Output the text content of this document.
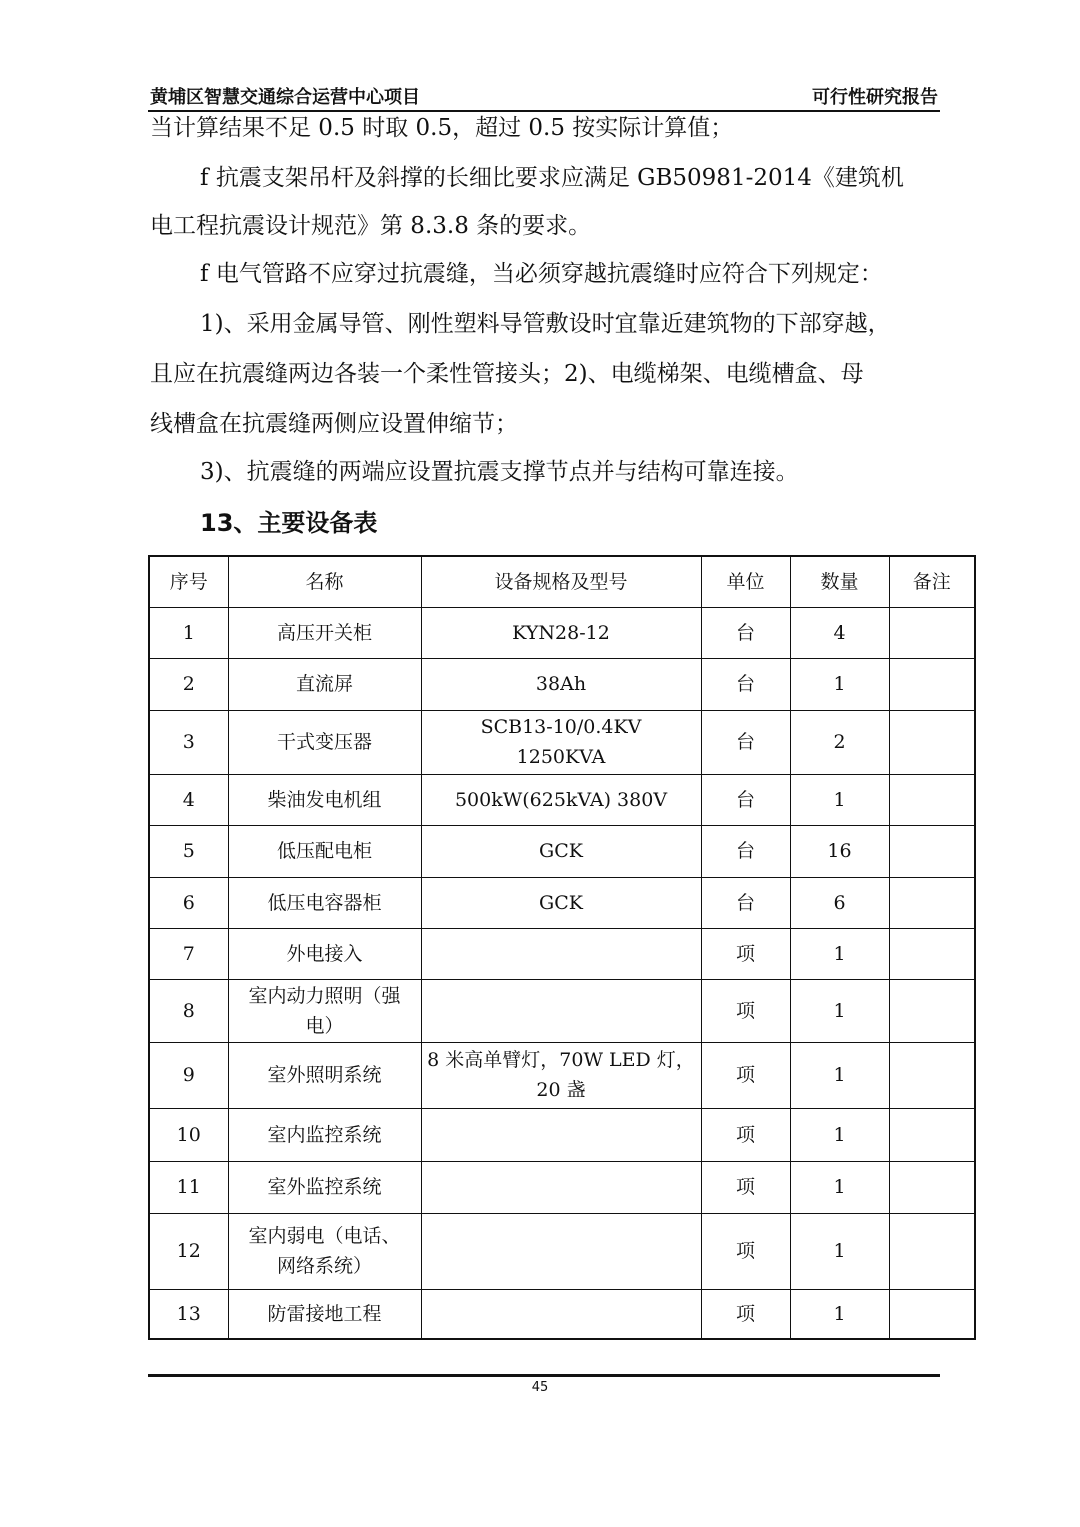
黄埔区智慧交通综合运营中心项目	可行性研究报告
当计算结果不足 0.5 时取 0.5，超过 0.5 按实际计算值；
f 抗震支架吊杆及斜撑的长细比要求应满足 GB50981-2014《建筑机
电工程抗震设计规范》第 8.3.8 条的要求。
f 电气管路不应穿过抗震缝，当必须穿越抗震缝时应符合下列规定：
1)、采用金属导管、刚性塑料导管敷设时宜靠近建筑物的下部穿越，
且应在抗震缝两边各装一个柔性管接头；2)、电缆梯架、电缆槽盒、母
线槽盒在抗震缝两侧应设置伸缩节；
3)、抗震缝的两端应设置抗震支撑节点并与结构可靠连接。
13、主要设备表
序号	名称	设备规格及型号	单位	数量	备注
1	高压开关柜	KYN28-12	台	4	
2	直流屏	38Ah	台	1	
3	干式变压器	SCB13-10/0.4KV
1250KVA	台	2	
4	柴油发电机组	500kW(625kVA) 380V	台	1	
5	低压配电柜	GCK	台	16	
6	低压电容器柜	GCK	台	6	
7	外电接入		项	1	
8	室内动力照明（强
电）		项	1	
9	室外照明系统	8 米高单臂灯，70W LED 灯，
20 盏	项	1	
10	室内监控系统		项	1	
11	室外监控系统		项	1	
12	室内弱电（电话、
网络系统）		项	1	
13	防雷接地工程		项	1	
45
